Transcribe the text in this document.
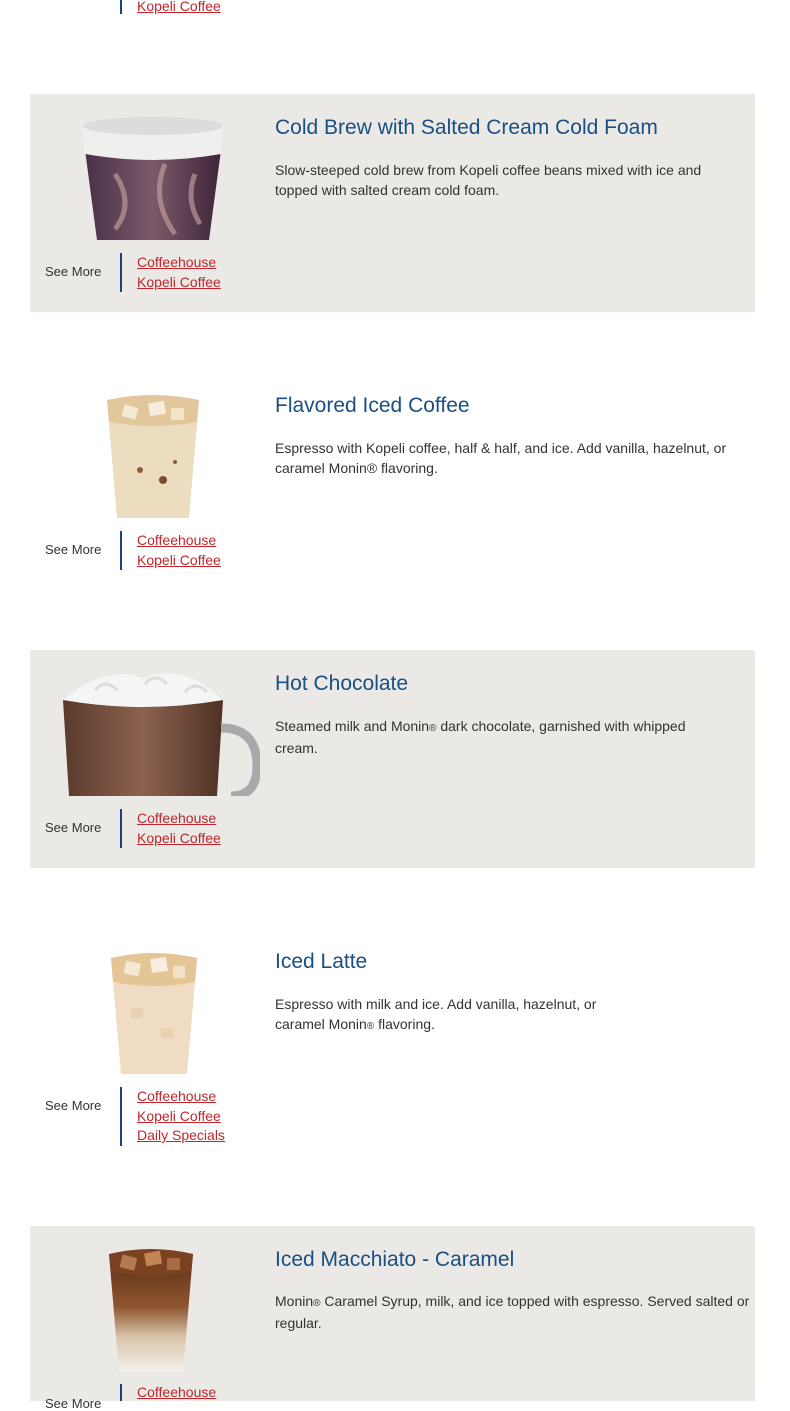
Kopeli Coffee
See More
Coffeehouse
Kopeli Coffee
Cold Brew with Salted Cream Cold Foam

Slow-steeped cold brew from Kopeli coffee beans mixed with ice and topped with salted cream cold foam.

See More
Coffeehouse
Kopeli Coffee
Flavored Iced Coffee

Espresso with Kopeli coffee, half & half, and ice. Add vanilla, hazelnut, or caramel Monin® flavoring.

See More
Coffeehouse
Kopeli Coffee
Hot Chocolate

Steamed milk and Monin® dark chocolate, garnished with whipped cream.

See More
Coffeehouse
Kopeli Coffee
Daily Specials
Iced Latte

Espresso with milk and ice. Add vanilla, hazelnut, or caramel Monin® flavoring.

See More
Coffeehouse
Iced Macchiato - Caramel

Monin® Caramel Syrup, milk, and ice topped with espresso. Served salted or regular.
